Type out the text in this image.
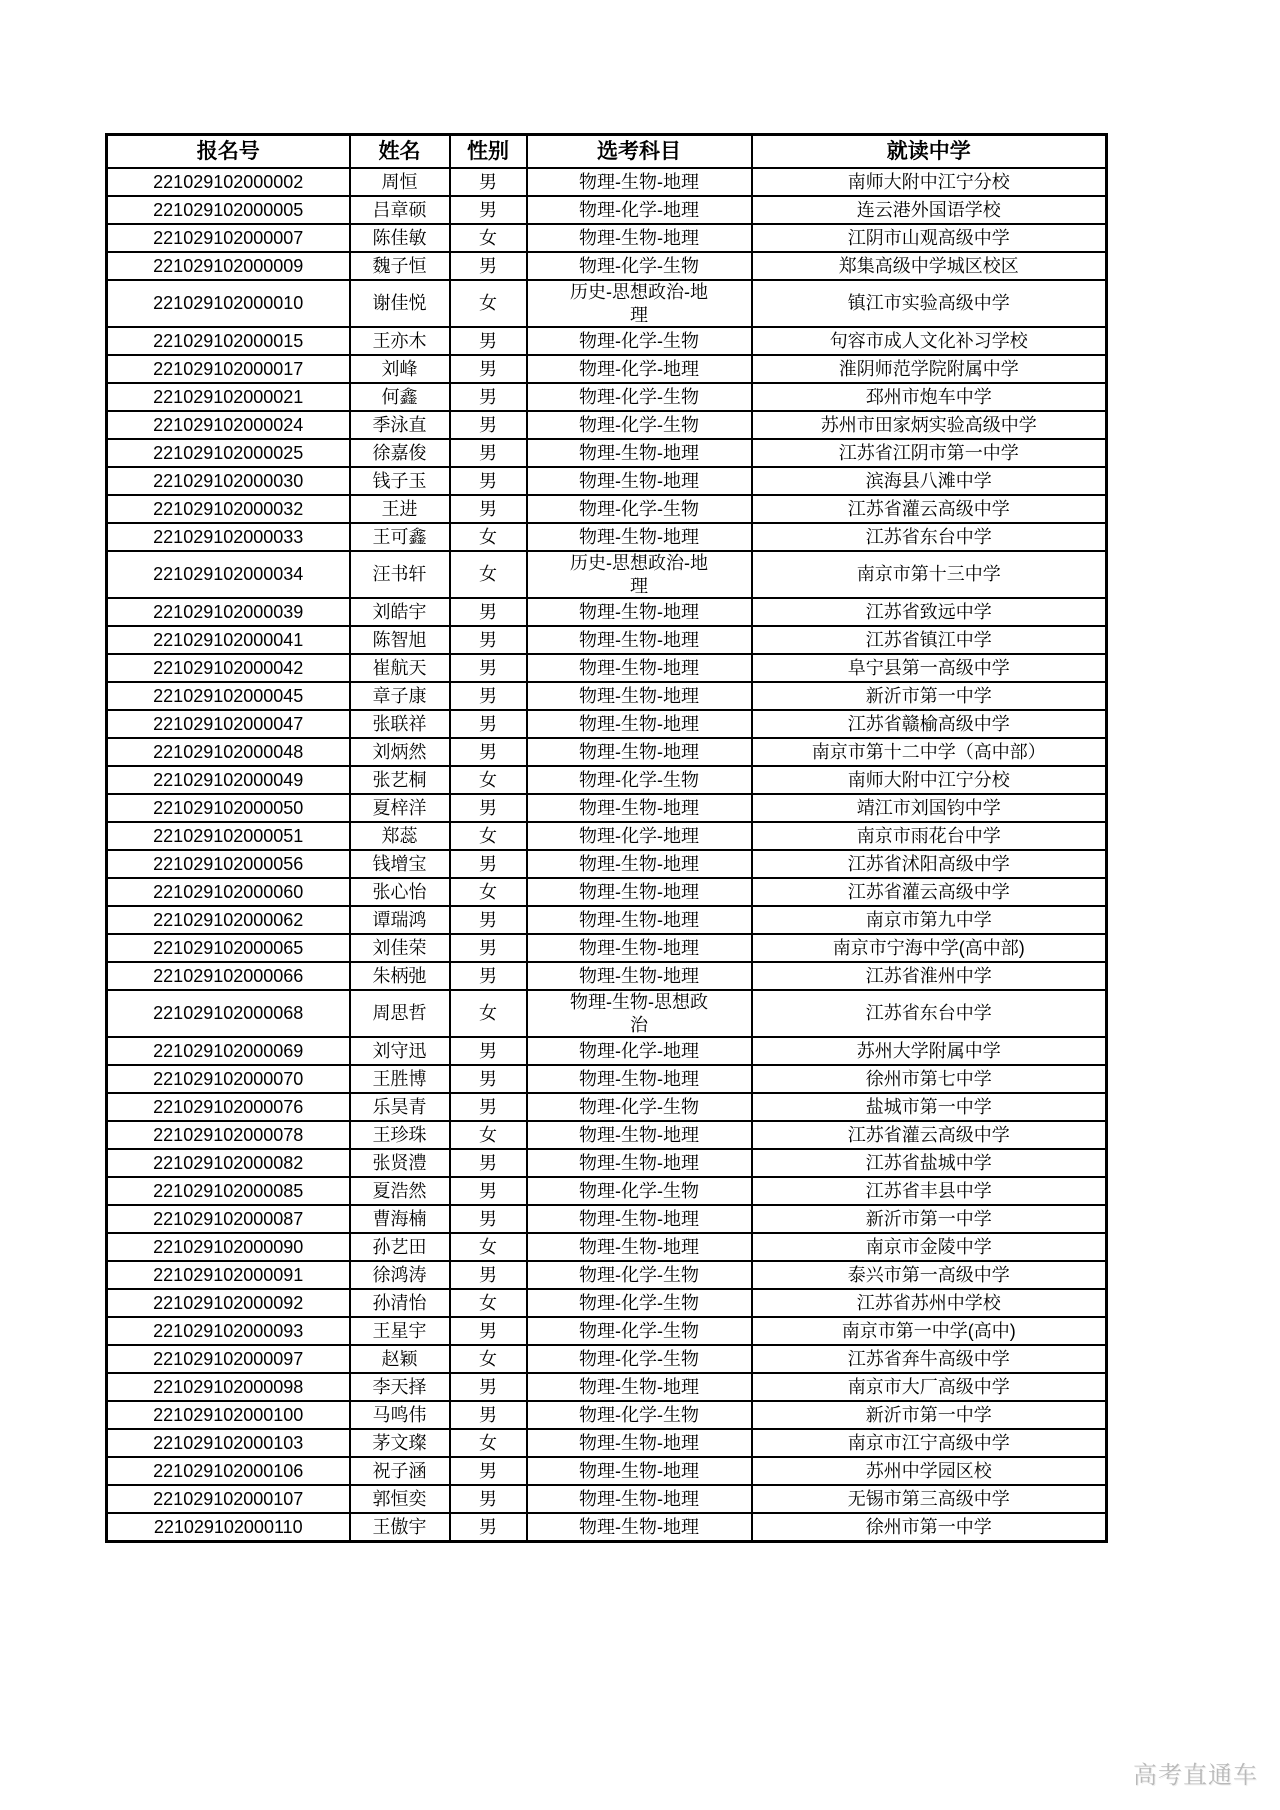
报名号	姓名	性别	选考科目	就读中学

221029102000002	周恒	男	物理-生物-地理	南师大附中江宁分校

221029102000005	吕章硕	男	物理-化学-地理	连云港外国语学校

221029102000007	陈佳敏	女	物理-生物-地理	江阴市山观高级中学

221029102000009	魏子恒	男	物理-化学-生物	郑集高级中学城区校区

221029102000010	谢佳悦	女	历史-思想政治-地理	镇江市实验高级中学

221029102000015	王亦木	男	物理-化学-生物	句容市成人文化补习学校

221029102000017	刘峰	男	物理-化学-地理	淮阴师范学院附属中学

221029102000021	何鑫	男	物理-化学-生物	邳州市炮车中学

221029102000024	季泳直	男	物理-化学-生物	苏州市田家炳实验高级中学

221029102000025	徐嘉俊	男	物理-生物-地理	江苏省江阴市第一中学

221029102000030	钱子玉	男	物理-生物-地理	滨海县八滩中学

221029102000032	王进	男	物理-化学-生物	江苏省灌云高级中学

221029102000033	王可鑫	女	物理-生物-地理	江苏省东台中学

221029102000034	汪书轩	女	历史-思想政治-地理	南京市第十三中学

221029102000039	刘皓宇	男	物理-生物-地理	江苏省致远中学

221029102000041	陈智旭	男	物理-生物-地理	江苏省镇江中学

221029102000042	崔航天	男	物理-生物-地理	阜宁县第一高级中学

221029102000045	章子康	男	物理-生物-地理	新沂市第一中学

221029102000047	张联祥	男	物理-生物-地理	江苏省赣榆高级中学

221029102000048	刘炳然	男	物理-生物-地理	南京市第十二中学（高中部）

221029102000049	张艺桐	女	物理-化学-生物	南师大附中江宁分校

221029102000050	夏梓洋	男	物理-生物-地理	靖江市刘国钧中学

221029102000051	郑蕊	女	物理-化学-地理	南京市雨花台中学

221029102000056	钱增宝	男	物理-生物-地理	江苏省沭阳高级中学

221029102000060	张心怡	女	物理-生物-地理	江苏省灌云高级中学

221029102000062	谭瑞鸿	男	物理-生物-地理	南京市第九中学

221029102000065	刘佳荣	男	物理-生物-地理	南京市宁海中学(高中部)

221029102000066	朱柄弛	男	物理-生物-地理	江苏省淮州中学

221029102000068	周思哲	女	物理-生物-思想政治	江苏省东台中学

221029102000069	刘守迅	男	物理-化学-地理	苏州大学附属中学

221029102000070	王胜博	男	物理-生物-地理	徐州市第七中学

221029102000076	乐昊青	男	物理-化学-生物	盐城市第一中学

221029102000078	王珍珠	女	物理-生物-地理	江苏省灌云高级中学

221029102000082	张贤澧	男	物理-生物-地理	江苏省盐城中学

221029102000085	夏浩然	男	物理-化学-生物	江苏省丰县中学

221029102000087	曹海楠	男	物理-生物-地理	新沂市第一中学

221029102000090	孙艺田	女	物理-生物-地理	南京市金陵中学

221029102000091	徐鸿涛	男	物理-化学-生物	泰兴市第一高级中学

221029102000092	孙清怡	女	物理-化学-生物	江苏省苏州中学校

221029102000093	王星宇	男	物理-化学-生物	南京市第一中学(高中)

221029102000097	赵颖	女	物理-化学-生物	江苏省奔牛高级中学

221029102000098	李天择	男	物理-生物-地理	南京市大厂高级中学

221029102000100	马鸣伟	男	物理-化学-生物	新沂市第一中学

221029102000103	茅文璨	女	物理-生物-地理	南京市江宁高级中学

221029102000106	祝子涵	男	物理-生物-地理	苏州中学园区校

221029102000107	郭恒奕	男	物理-生物-地理	无锡市第三高级中学

221029102000110	王傲宇	男	物理-生物-地理	徐州市第一中学
高考直通车
